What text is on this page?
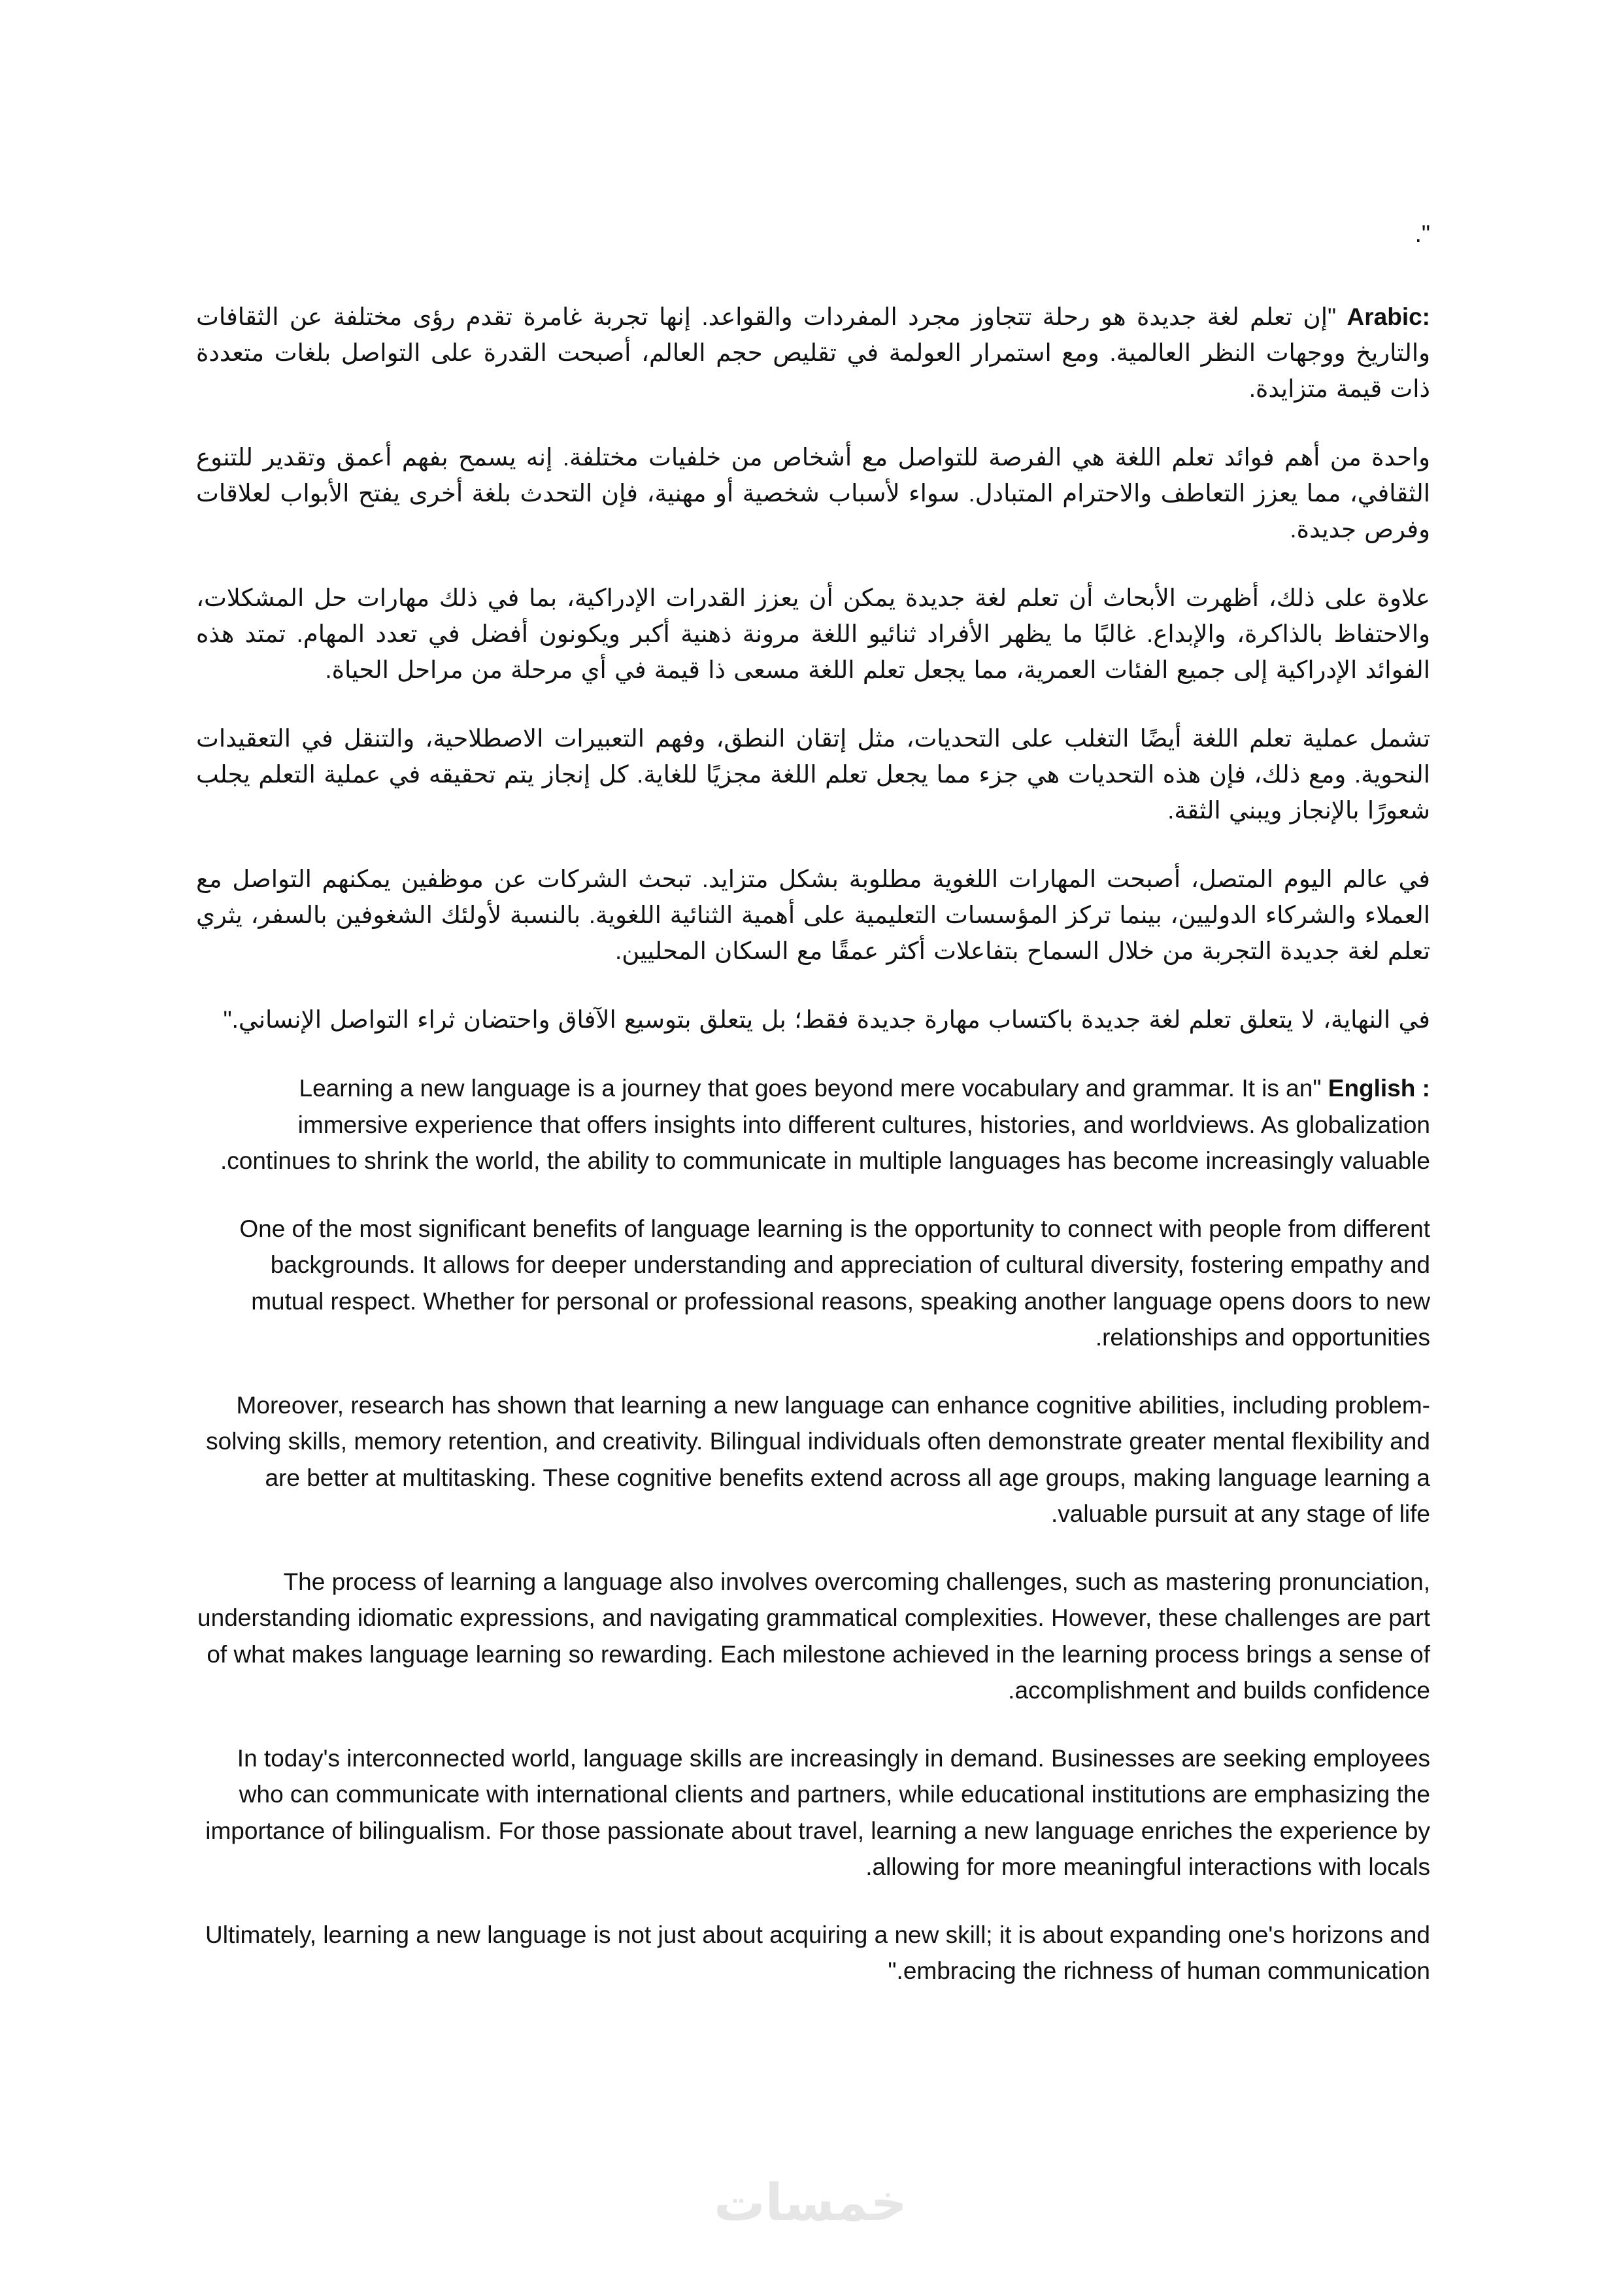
".

Arabic: "إن تعلم لغة جديدة هو رحلة تتجاوز مجرد المفردات والقواعد. إنها تجربة غامرة تقدم رؤى مختلفة عن الثقافات والتاريخ ووجهات النظر العالمية. ومع استمرار العولمة في تقليص حجم العالم، أصبحت القدرة على التواصل بلغات متعددة ذات قيمة متزايدة.

واحدة من أهم فوائد تعلم اللغة هي الفرصة للتواصل مع أشخاص من خلفيات مختلفة. إنه يسمح بفهم أعمق وتقدير للتنوع الثقافي، مما يعزز التعاطف والاحترام المتبادل. سواء لأسباب شخصية أو مهنية، فإن التحدث بلغة أخرى يفتح الأبواب لعلاقات وفرص جديدة.

علاوة على ذلك، أظهرت الأبحاث أن تعلم لغة جديدة يمكن أن يعزز القدرات الإدراكية، بما في ذلك مهارات حل المشكلات، والاحتفاظ بالذاكرة، والإبداع. غالبًا ما يظهر الأفراد ثنائيو اللغة مرونة ذهنية أكبر ويكونون أفضل في تعدد المهام. تمتد هذه الفوائد الإدراكية إلى جميع الفئات العمرية، مما يجعل تعلم اللغة مسعى ذا قيمة في أي مرحلة من مراحل الحياة.

تشمل عملية تعلم اللغة أيضًا التغلب على التحديات، مثل إتقان النطق، وفهم التعبيرات الاصطلاحية، والتنقل في التعقيدات النحوية. ومع ذلك، فإن هذه التحديات هي جزء مما يجعل تعلم اللغة مجزيًا للغاية. كل إنجاز يتم تحقيقه في عملية التعلم يجلب شعورًا بالإنجاز ويبني الثقة.

في عالم اليوم المتصل، أصبحت المهارات اللغوية مطلوبة بشكل متزايد. تبحث الشركات عن موظفين يمكنهم التواصل مع العملاء والشركاء الدوليين، بينما تركز المؤسسات التعليمية على أهمية الثنائية اللغوية. بالنسبة لأولئك الشغوفين بالسفر، يثري تعلم لغة جديدة التجربة من خلال السماح بتفاعلات أكثر عمقًا مع السكان المحليين.

في النهاية، لا يتعلق تعلم لغة جديدة باكتساب مهارة جديدة فقط؛ بل يتعلق بتوسيع الآفاق واحتضان ثراء التواصل الإنساني."

English : "Learning a new language is a journey that goes beyond mere vocabulary and grammar. It is an immersive experience that offers insights into different cultures, histories, and worldviews. As globalization continues to shrink the world, the ability to communicate in multiple languages has become increasingly valuable.

One of the most significant benefits of language learning is the opportunity to connect with people from different backgrounds. It allows for deeper understanding and appreciation of cultural diversity, fostering empathy and mutual respect. Whether for personal or professional reasons, speaking another language opens doors to new relationships and opportunities.

Moreover, research has shown that learning a new language can enhance cognitive abilities, including problem-solving skills, memory retention, and creativity. Bilingual individuals often demonstrate greater mental flexibility and are better at multitasking. These cognitive benefits extend across all age groups, making language learning a valuable pursuit at any stage of life.

The process of learning a language also involves overcoming challenges, such as mastering pronunciation, understanding idiomatic expressions, and navigating grammatical complexities. However, these challenges are part of what makes language learning so rewarding. Each milestone achieved in the learning process brings a sense of accomplishment and builds confidence.

In today's interconnected world, language skills are increasingly in demand. Businesses are seeking employees who can communicate with international clients and partners, while educational institutions are emphasizing the importance of bilingualism. For those passionate about travel, learning a new language enriches the experience by allowing for more meaningful interactions with locals.

Ultimately, learning a new language is not just about acquiring a new skill; it is about expanding one's horizons and embracing the richness of human communication."

خمسات
